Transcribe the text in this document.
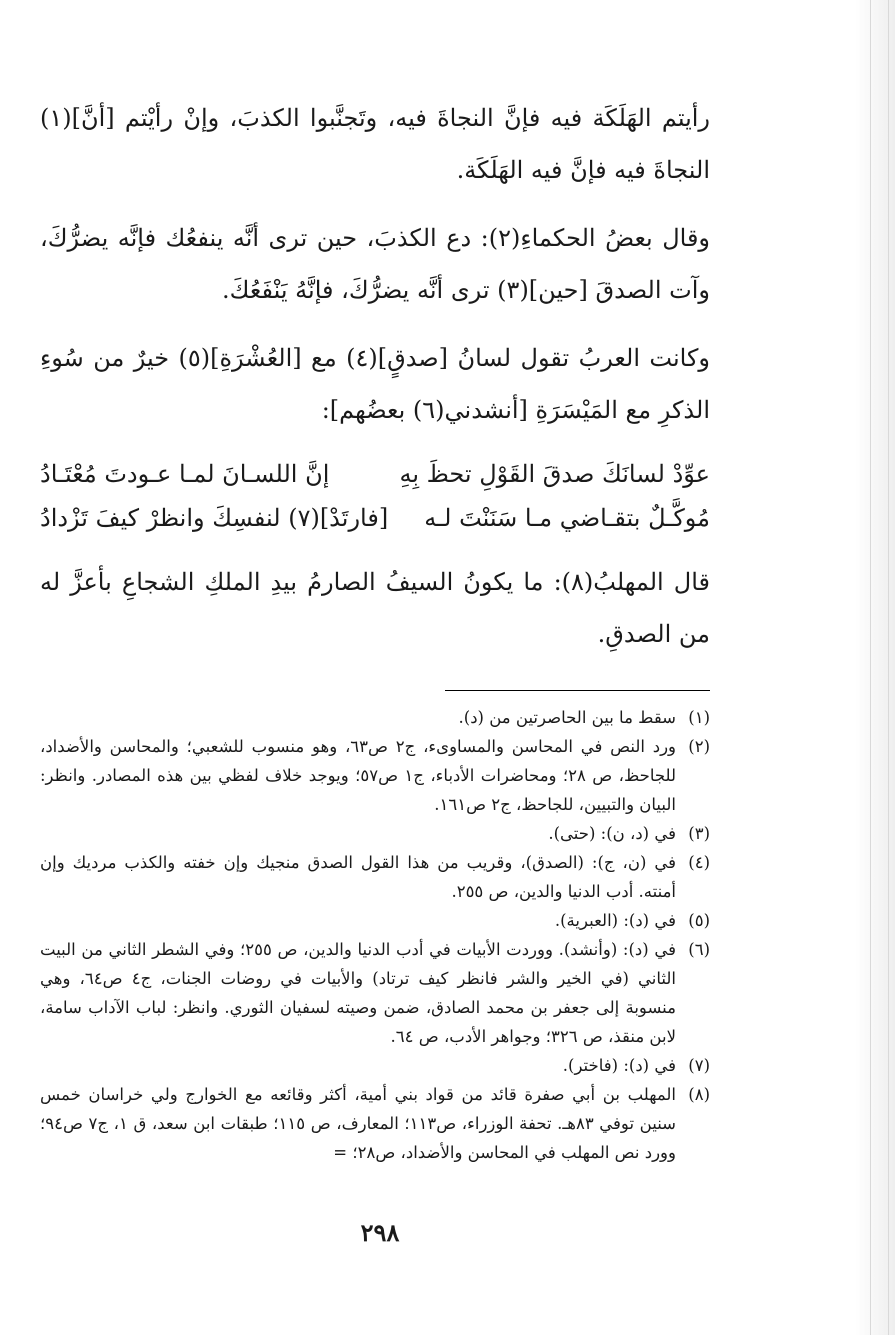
رأيتم الهَلَكَة فيه فإنَّ النجاةَ فيه، وتَجنَّبوا الكذبَ، وإنْ رأيْتم [أنَّ](١) النجاةَ فيه فإنَّ فيه الهَلَكَة.

وقال بعضُ الحكماءِ(٢): دع الكذبَ، حين ترى أنَّه ينفعُك فإنَّه يضرُّكَ، وآت الصدقَ [حين](٣) ترى أنَّه يضرُّكَ، فإنَّهُ يَنْفَعُكَ.

وكانت العربُ تقول لسانُ [صدقٍ](٤) مع [العُشْرَةِ](٥) خيرٌ من سُوءِ الذكرِ مع المَيْسَرَةِ [أنشدني(٦) بعضُهم]:

عوِّدْ لسانَكَ صدقَ القَوْلِ تحظَ بِهِ
إنَّ اللسـانَ لمـا عـودتَ مُعْتَـادُ
مُوكَّـلٌ بتقـاضي مـا سَنَنْتَ لـه
[فارتَدْ](٧) لنفسِكَ وانظرْ كيفَ تَزْدادُ

قال المهلبُ(٨): ما يكونُ السيفُ الصارمُ بيدِ الملكِ الشجاعِ بأعزَّ له من الصدقِ.

(١)
سقط ما بين الحاصرتين من (د).
(٢)
ورد النص في المحاسن والمساوىء، ج٢ ص٦٣، وهو منسوب للشعبي؛ والمحاسن والأضداد، للجاحظ، ص ٢٨؛ ومحاضرات الأدباء، ج١ ص٥٧؛ ويوجد خلاف لفظي بين هذه المصادر. وانظر: البيان والتبيين، للجاحظ، ج٢ ص١٦١.
(٣)
في (د، ن): (حتى).
(٤)
في (ن، ج): (الصدق)، وقريب من هذا القول الصدق منجيك وإن خفته والكذب مرديك وإن أمنته. أدب الدنيا والدين، ص ٢٥٥.
(٥)
في (د): (العبرية).
(٦)
في (د): (وأنشد). ووردت الأبيات في أدب الدنيا والدين، ص ٢٥٥؛ وفي الشطر الثاني من البيت الثاني (في الخير والشر فانظر كيف ترتاد) والأبيات في روضات الجنات، ج٤ ص٦٤، وهي منسوبة إلى جعفر بن محمد الصادق، ضمن وصيته لسفيان الثوري. وانظر: لباب الآداب سامة، لابن منقذ، ص ٣٢٦؛ وجواهر الأدب، ص ٦٤.
(٧)
في (د): (فاختر).
(٨)
المهلب بن أبي صفرة قائد من قواد بني أمية، أكثر وقائعه مع الخوارج ولي خراسان خمس سنين توفي ٨٣هـ. تحفة الوزراء، ص١١٣؛ المعارف، ص ١١٥؛ طبقات ابن سعد، ق ١، ج٧ ص٩٤؛ وورد نص المهلب في المحاسن والأضداد، ص٢٨؛ =
٢٩٨
